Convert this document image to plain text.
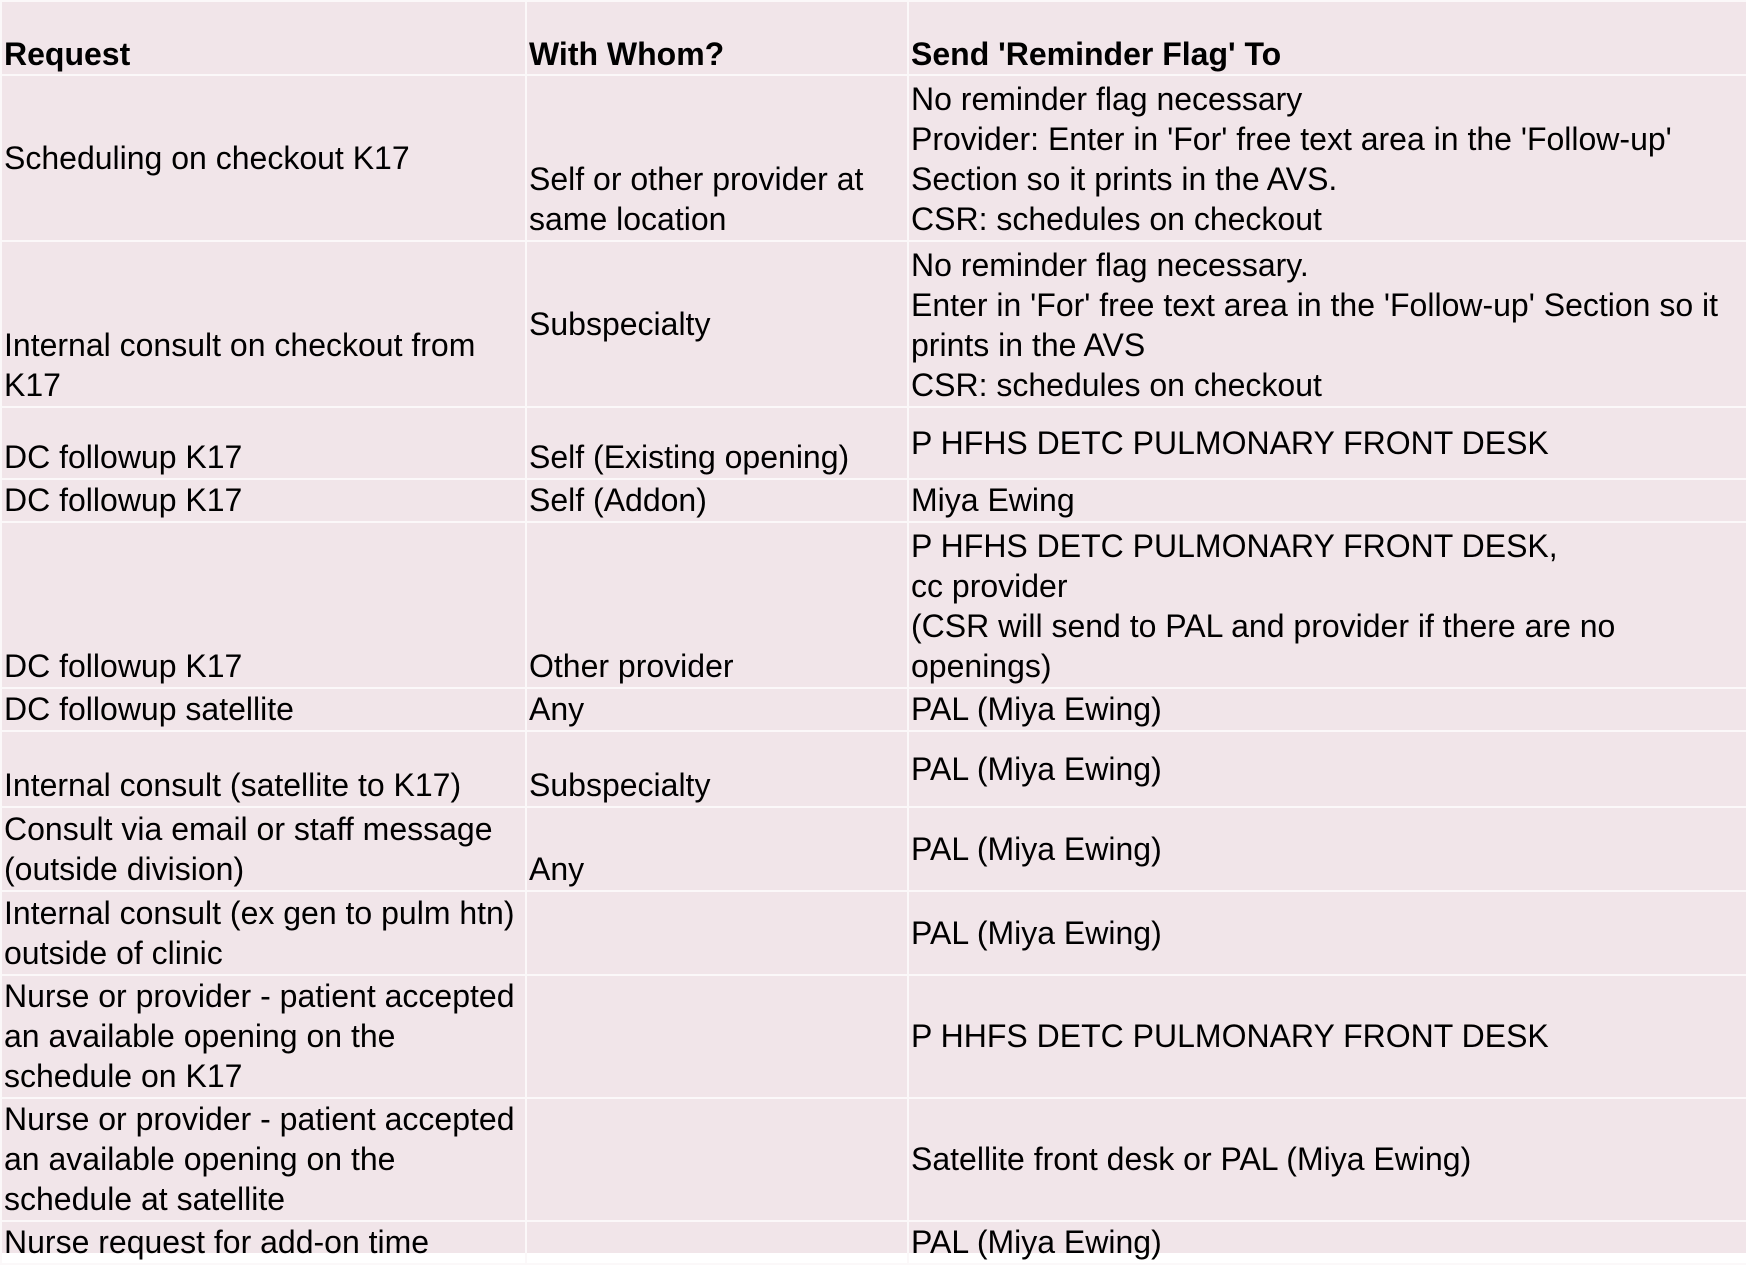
Request	With Whom?	Send 'Reminder Flag' To
Scheduling on checkout K17	Self or other provider at same location	No reminder flag necessary
Provider: Enter in 'For' free text area in the 'Follow-up' Section so it prints in the AVS.
CSR: schedules on checkout
Internal consult on checkout from K17	Subspecialty	No reminder flag necessary.
Enter in 'For' free text area in the 'Follow-up' Section so it prints in the AVS
CSR: schedules on checkout
DC followup K17	Self (Existing opening)	P HFHS DETC PULMONARY FRONT DESK
DC followup K17	Self (Addon)	Miya Ewing
DC followup K17	Other provider	P HFHS DETC PULMONARY FRONT DESK,
cc provider
(CSR will send to PAL and provider if there are no openings)
DC followup satellite	Any	PAL (Miya Ewing)
Internal consult (satellite to K17)	Subspecialty	PAL (Miya Ewing)
Consult via email or staff message (outside division)	Any	PAL (Miya Ewing)
Internal consult (ex gen to pulm htn) outside of clinic		PAL (Miya Ewing)
Nurse or provider - patient accepted an available opening on the schedule on K17		P HHFS DETC PULMONARY FRONT DESK
Nurse or provider - patient accepted an available opening on the schedule at satellite		Satellite front desk or PAL (Miya Ewing)
Nurse request for add-on time		PAL (Miya Ewing)
